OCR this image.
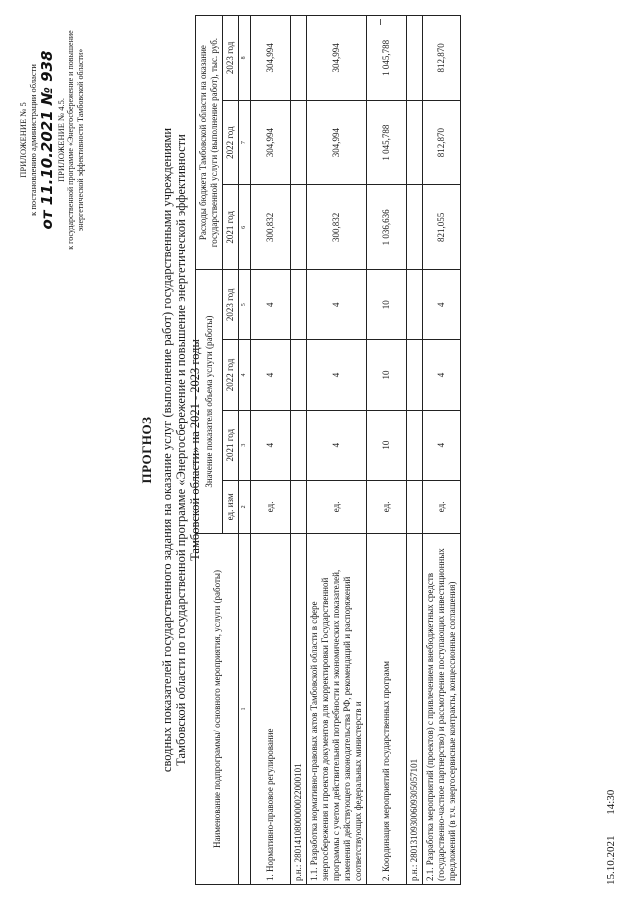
ПРИЛОЖЕНИЕ № 5 к постановлению администрации области от 11.10.2021 № 938 ПРИЛОЖЕНИЕ № 4.5. к государственной программе «Энергосбережение и повышение энергетической эффективности Тамбовской области»
ПРОГНОЗ сводных показателей государственного задания на оказание услуг (выполнение работ) государственными учреждениями Тамбовской области по государственной программе «Энергосбережение и повышение энергетической эффективности Тамбовской области» на 2021 - 2023 годы
Наименование подпрограммы/ основного мероприятия, услуги (работы)	Значение показателя объема услуги (работы)				Расходы бюджета Тамбовской области на оказание государственной услуги (выполнение работ), тыс. руб.		
	ед. изм	2021 год	2022 год	2023 год	2021 год	2022 год	2023 год
1	2	3	4	5	6	7	8
1. Нормативно-правовое регулирование	ед.	4	4	4	300,832	304,994	304,994
р.н.: 280141080000002200010​1							
1.1. Разработка нормативно-правовых актов Тамбовской области в сфере энергосбережения и проектов документов для корректировки Государственной программы с учетом действительной потребности и экономических показателей, изменений действующего законодательства РФ, рекомендаций и распоряжений соответствующих федеральных министерств и	ед.	4	4	4	300,832	304,994	304,994
2. Координация мероприятий государственных программ	ед.	10	10	10	1 036,636	1 045,788	1 045,788
р.н.: 280131093006093050571​01							
2.1. Разработка мероприятий (проектов) с привлечением внебюджетных средств (государственно-частное партнерство) и рассмотрение поступающих инвестиционных предложений (в т.ч. энергосервисные контракты, концессионные соглашения)	ед.	4	4	4	821,055	812,870	812,870
15.10.2021 14:30
